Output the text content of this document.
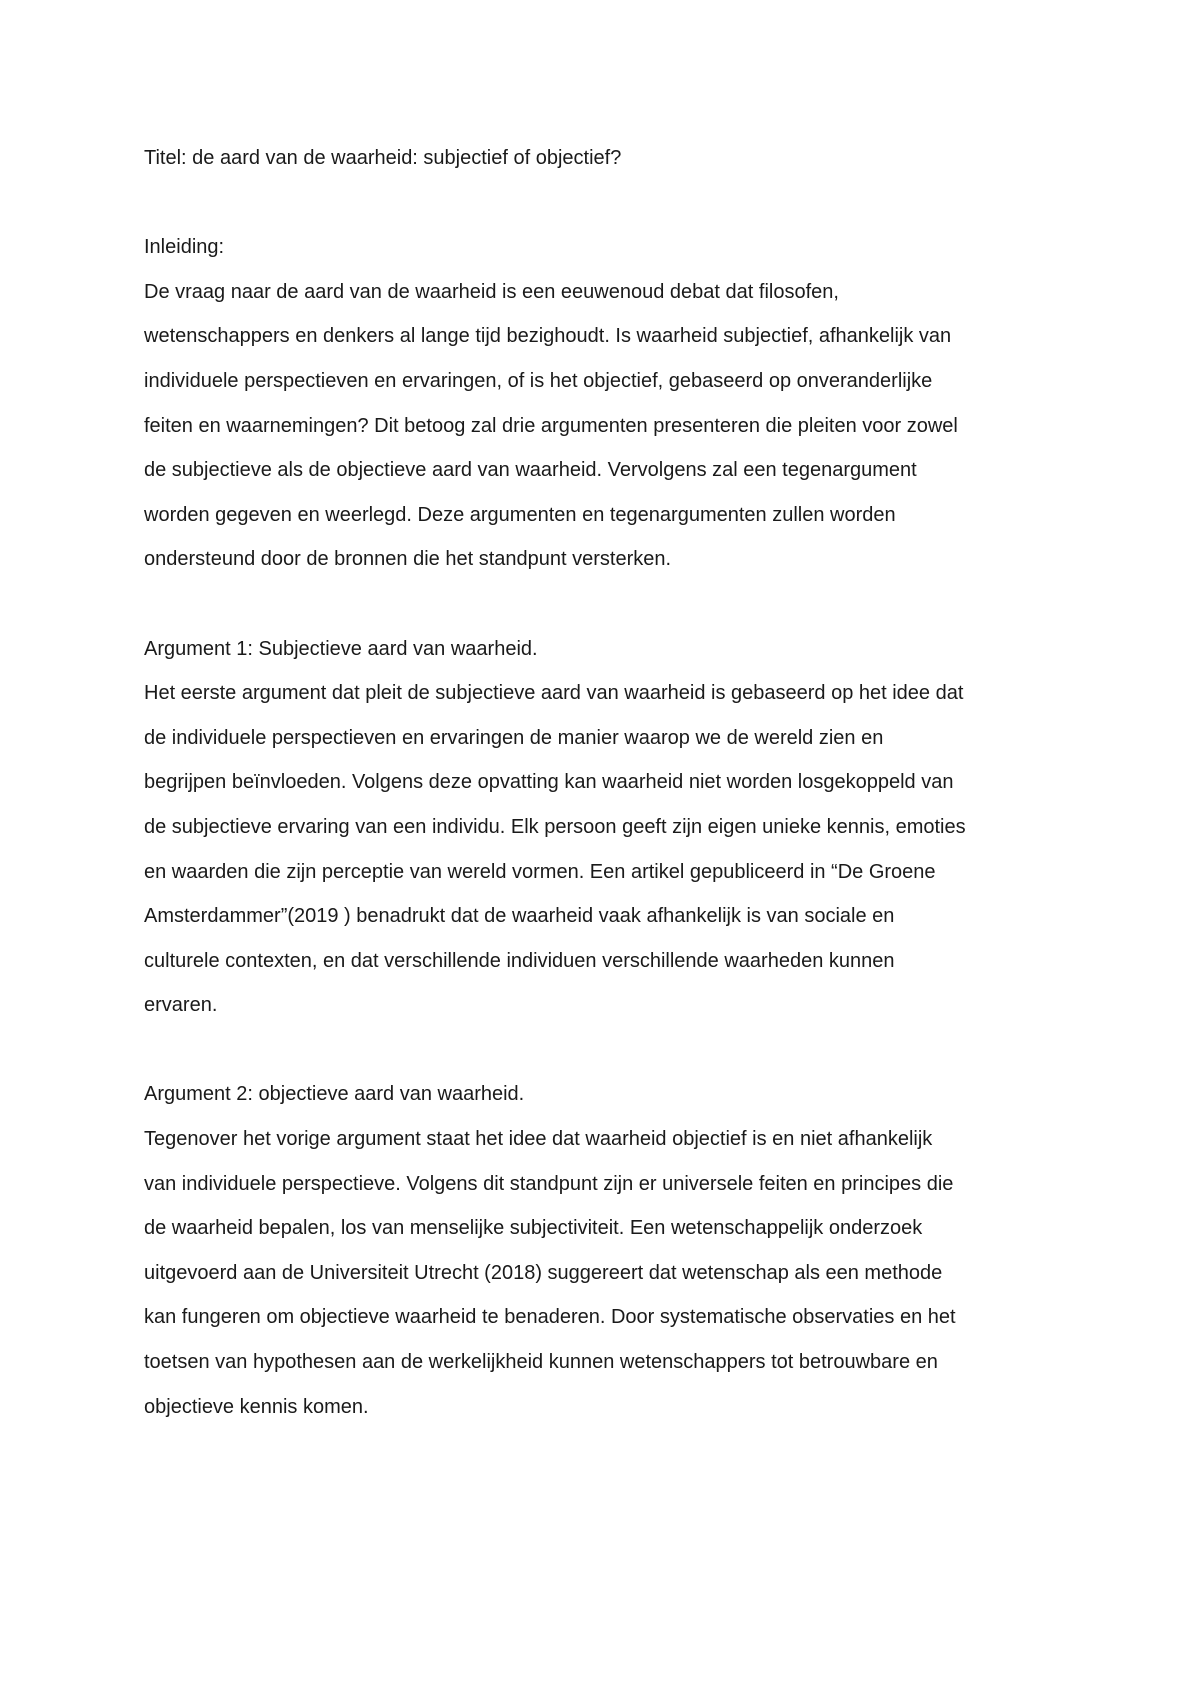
Titel: de aard van de waarheid: subjectief of objectief?

Inleiding:

De vraag naar de aard van de waarheid is een eeuwenoud debat dat filosofen,

wetenschappers en denkers al lange tijd bezighoudt. Is waarheid subjectief, afhankelijk van

individuele perspectieven en ervaringen, of is het objectief, gebaseerd op onveranderlijke

feiten en waarnemingen? Dit betoog zal drie argumenten presenteren die pleiten voor zowel

de subjectieve als de objectieve aard van waarheid. Vervolgens zal een tegenargument

worden gegeven en weerlegd. Deze argumenten en tegenargumenten zullen worden

ondersteund door de bronnen die het standpunt versterken.

Argument 1: Subjectieve aard van waarheid.

Het eerste argument dat pleit de subjectieve aard van waarheid is gebaseerd op het idee dat

de individuele perspectieven en ervaringen de manier waarop we de wereld zien en

begrijpen beïnvloeden. Volgens deze opvatting kan waarheid niet worden losgekoppeld van

de subjectieve ervaring van een individu. Elk persoon geeft zijn eigen unieke kennis, emoties

en waarden die zijn perceptie van wereld vormen. Een artikel gepubliceerd in “De Groene

Amsterdammer”(2019 ) benadrukt dat de waarheid vaak afhankelijk is van sociale en

culturele contexten, en dat verschillende individuen verschillende waarheden kunnen

ervaren.

Argument 2: objectieve aard van waarheid.

Tegenover het vorige argument staat het idee dat waarheid objectief is en niet afhankelijk

van individuele perspectieve. Volgens dit standpunt zijn er universele feiten en principes die

de waarheid bepalen, los van menselijke subjectiviteit. Een wetenschappelijk onderzoek

uitgevoerd aan de Universiteit Utrecht (2018) suggereert dat wetenschap als een methode

kan fungeren om objectieve waarheid te benaderen. Door systematische observaties en het

toetsen van hypothesen aan de werkelijkheid kunnen wetenschappers tot betrouwbare en

objectieve kennis komen.
